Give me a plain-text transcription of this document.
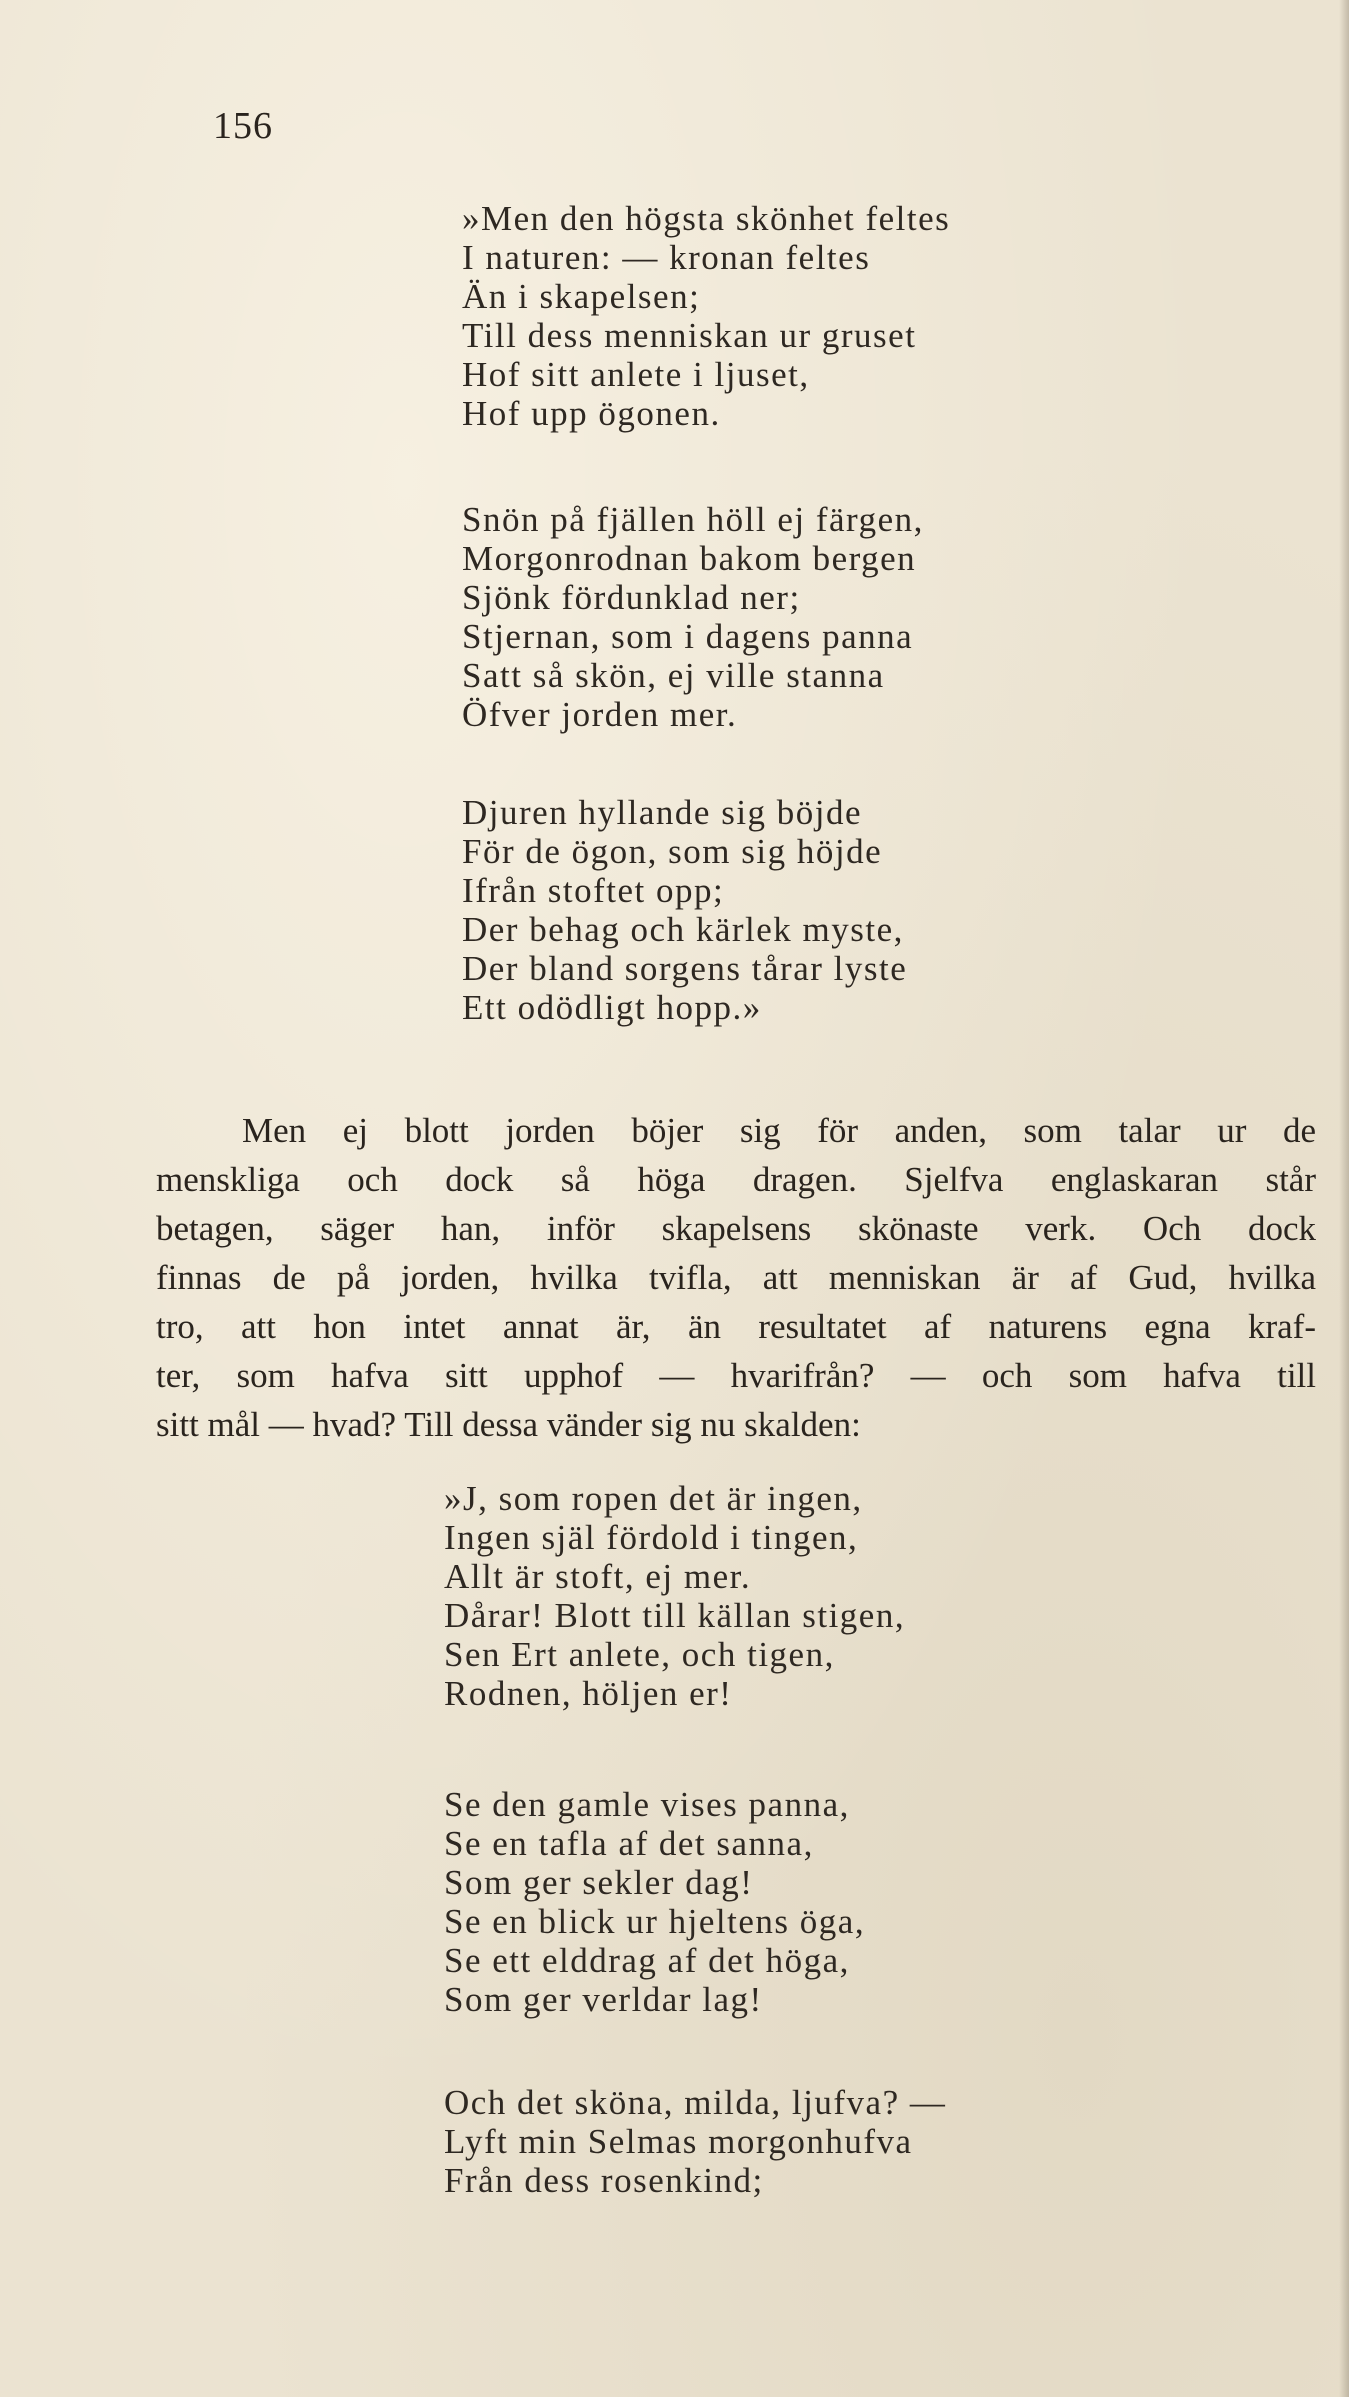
156
»Men den högsta skönhet feltes
I naturen: — kronan feltes
Än i skapelsen;
Till dess menniskan ur gruset
Hof sitt anlete i ljuset,
Hof upp ögonen.
Snön på fjällen höll ej färgen,
Morgonrodnan bakom bergen
Sjönk fördunklad ner;
Stjernan, som i dagens panna
Satt så skön, ej ville stanna
Öfver jorden mer.
Djuren hyllande sig böjde
För de ögon, som sig höjde
Ifrån stoftet opp;
Der behag och kärlek myste,
Der bland sorgens tårar lyste
Ett odödligt hopp.»
Men ej blott jorden böjer sig för anden, som talar ur de
menskliga och dock så höga dragen. Sjelfva englaskaran står
betagen, säger han, inför skapelsens skönaste verk. Och dock
finnas de på jorden, hvilka tvifla, att menniskan är af Gud, hvilka
tro, att hon intet annat är, än resultatet af naturens egna kraf-
ter, som hafva sitt upphof — hvarifrån? — och som hafva till
sitt mål — hvad? Till dessa vänder sig nu skalden:
»J, som ropen det är ingen,
Ingen själ fördold i tingen,
Allt är stoft, ej mer.
Dårar! Blott till källan stigen,
Sen Ert anlete, och tigen,
Rodnen, höljen er!
Se den gamle vises panna,
Se en tafla af det sanna,
Som ger sekler dag!
Se en blick ur hjeltens öga,
Se ett elddrag af det höga,
Som ger verldar lag!
Och det sköna, milda, ljufva? —
Lyft min Selmas morgonhufva
Från dess rosenkind;
